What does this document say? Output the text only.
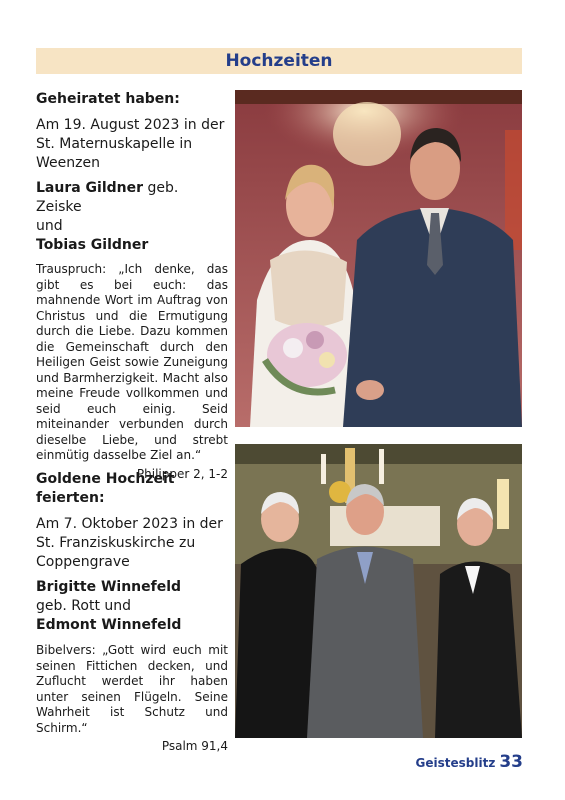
Hochzeiten

Geheiratet haben:

Am 19. August 2023 in der St. Maternuskapelle in Weenzen

Laura Gildner geb. Zeiske

und

Tobias Gildner

Trauspruch: „Ich denke, das gibt es bei euch: das mahnende Wort im Auftrag von Christus und die Ermutigung durch die Liebe. Dazu kommen die Gemeinschaft durch den Heiligen Geist sowie Zuneigung und Barmherzigkeit. Macht also meine Freude vollkommen und seid euch einig. Seid miteinander verbunden durch dieselbe Liebe, und strebt einmütig dasselbe Ziel an.“

Philipper 2, 1-2

Goldene Hochzeit feierten:

Am 7. Oktober 2023 in der St. Franziskuskirche zu Coppengrave

Brigitte Winnefeld

geb. Rott und

Edmont Winnefeld

Bibelvers: „Gott wird euch mit seinen Fittichen decken, und Zuflucht werdet ihr haben unter seinen Flügeln. Seine Wahrheit ist Schutz und Schirm.“

Psalm 91,4

Geistesblitz 33
